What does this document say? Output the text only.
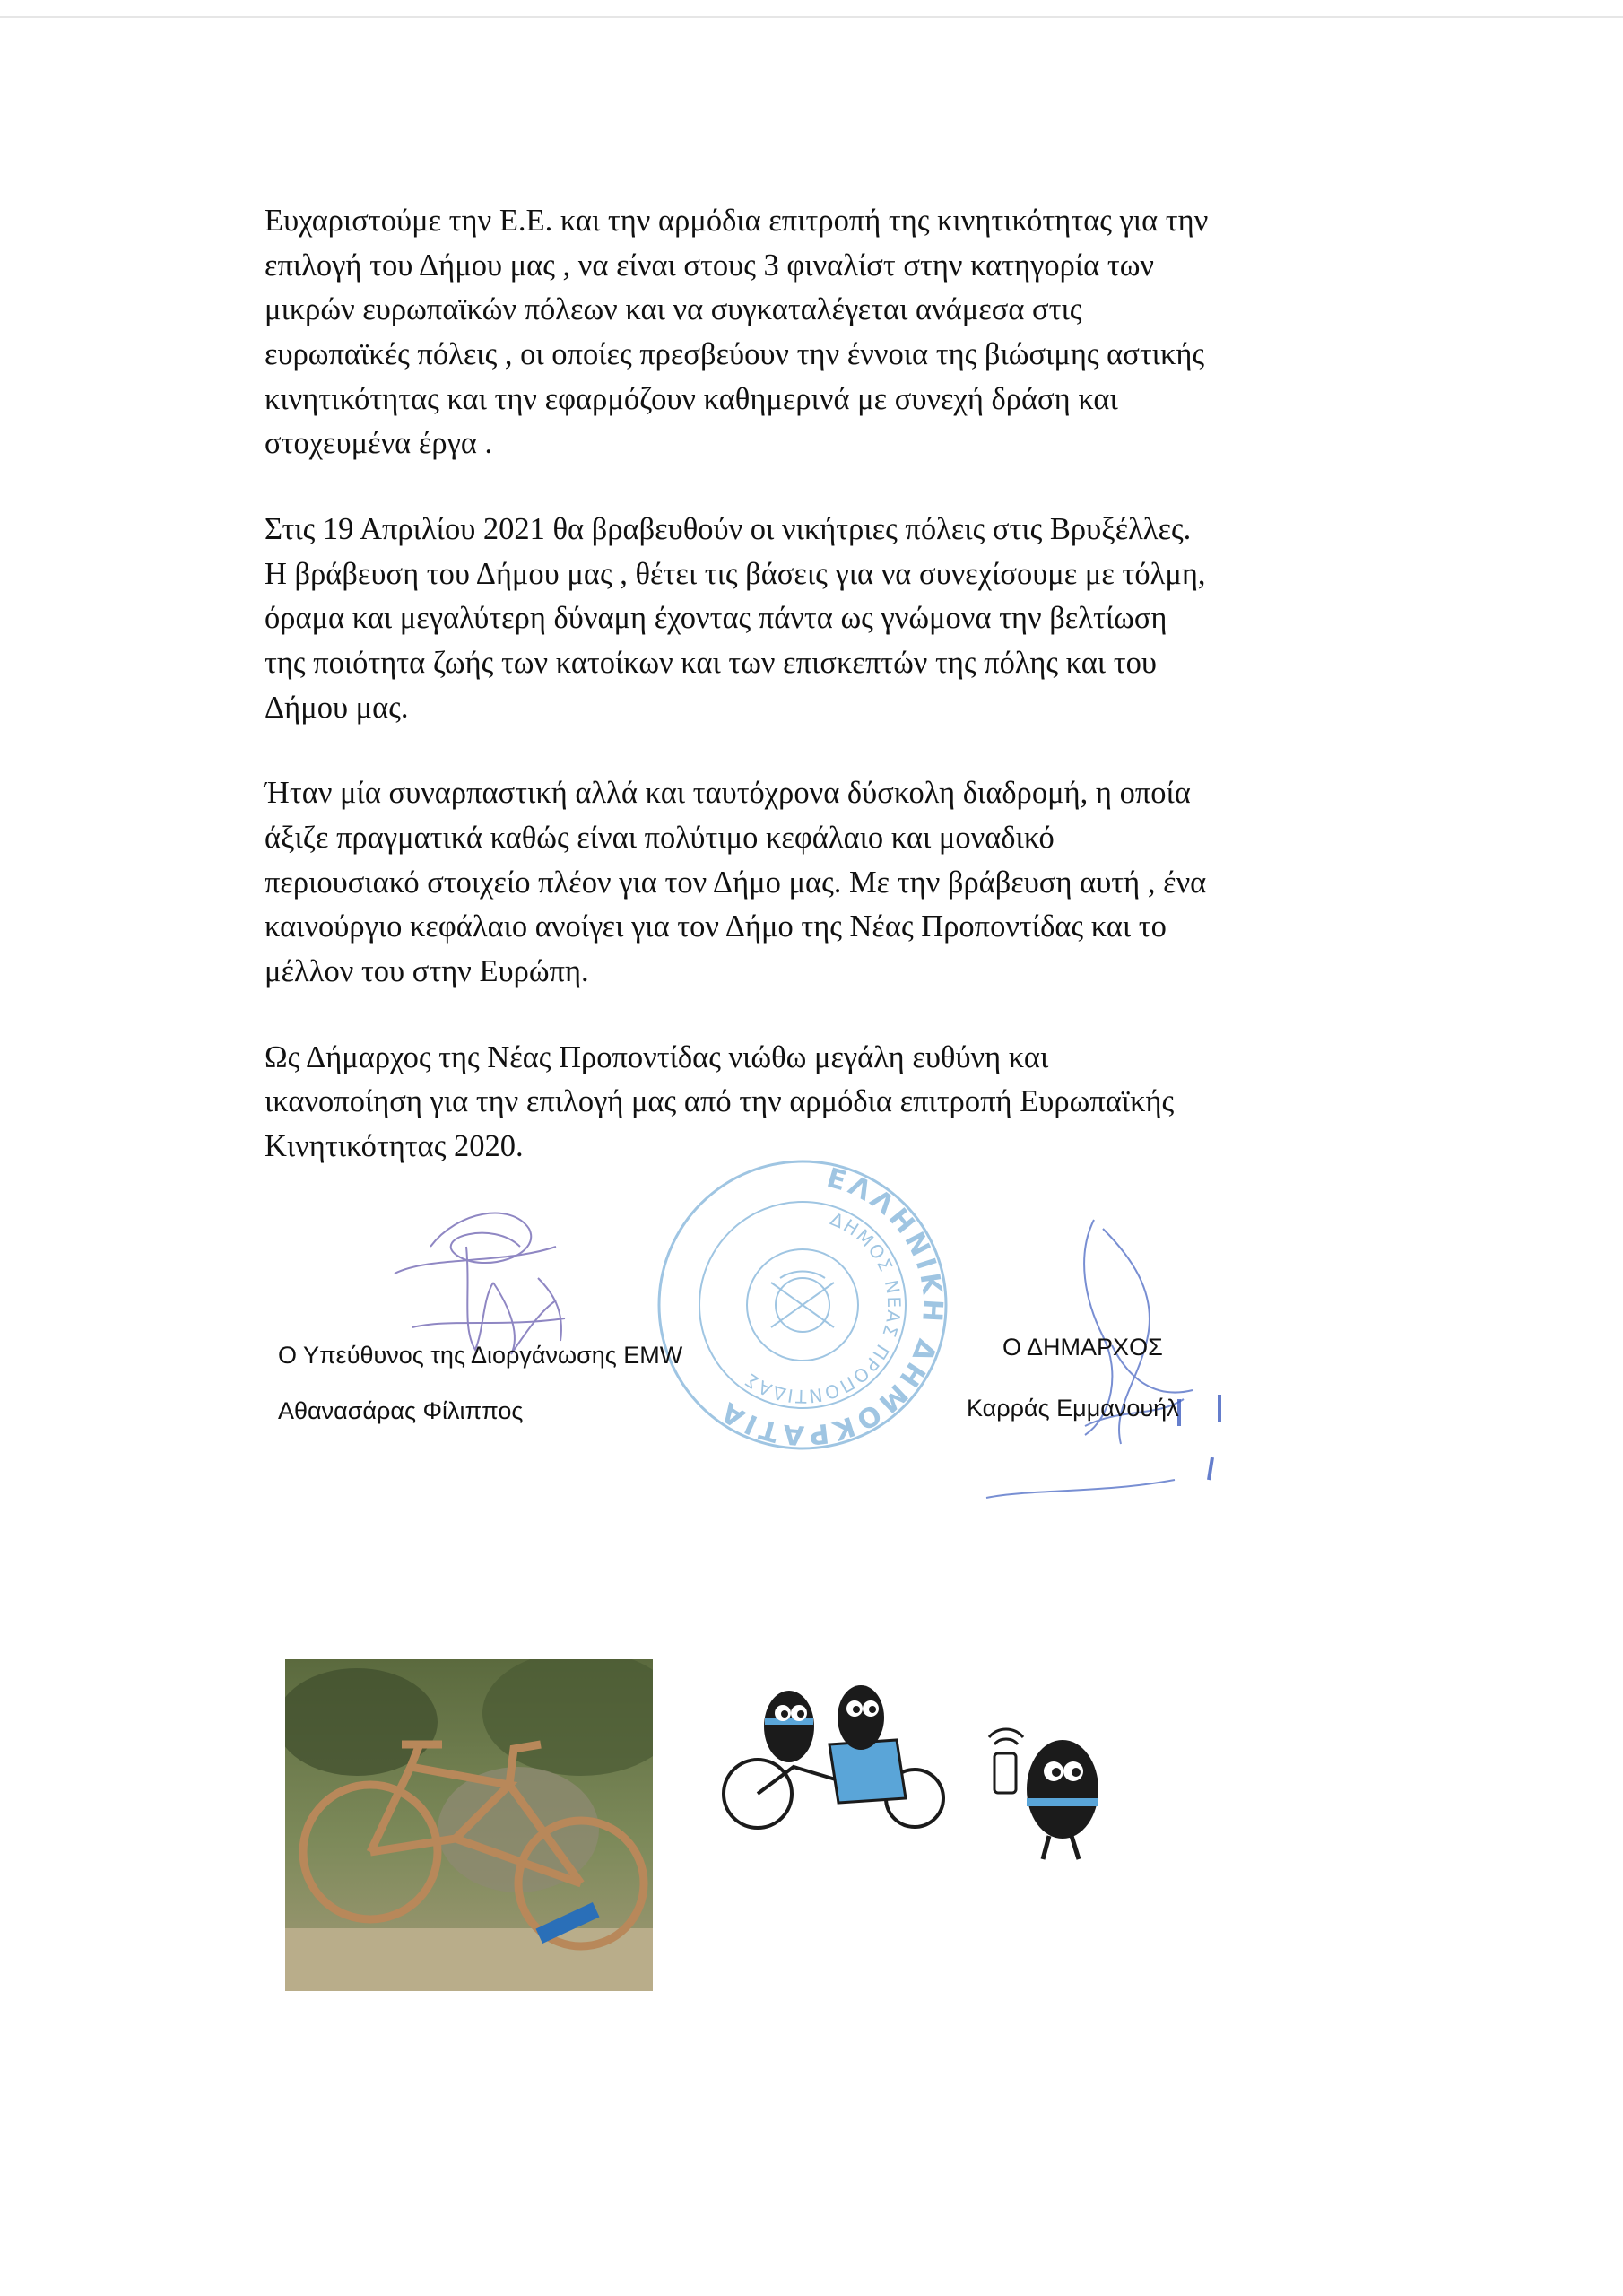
Ευχαριστούμε την Ε.Ε. και την αρμόδια επιτροπή της κινητικότητας για την
επιλογή του Δήμου μας , να είναι στους 3 φιναλίστ στην κατηγορία των
μικρών ευρωπαϊκών πόλεων και να συγκαταλέγεται ανάμεσα στις
ευρωπαϊκές πόλεις , οι οποίες πρεσβεύουν την έννοια της βιώσιμης αστικής
κινητικότητας και την εφαρμόζουν καθημερινά με συνεχή δράση και
στοχευμένα έργα .

Στις 19 Απριλίου 2021 θα βραβευθούν οι νικήτριες πόλεις στις Βρυξέλλες.
Η βράβευση του Δήμου μας , θέτει τις βάσεις για να συνεχίσουμε με τόλμη,
όραμα και μεγαλύτερη δύναμη έχοντας πάντα ως γνώμονα την βελτίωση
της ποιότητα ζωής των κατοίκων και των επισκεπτών της πόλης και του
Δήμου μας.

Ήταν μία συναρπαστική αλλά και ταυτόχρονα δύσκολη διαδρομή, η οποία
άξιζε πραγματικά καθώς είναι πολύτιμο κεφάλαιο και μοναδικό
περιουσιακό στοιχείο πλέον για τον Δήμο μας. Με την βράβευση αυτή , ένα
καινούργιο κεφάλαιο ανοίγει για τον Δήμο της Νέας Προποντίδας και το
μέλλον του στην Ευρώπη.

Ως Δήμαρχος της Νέας Προποντίδας νιώθω μεγάλη ευθύνη και
ικανοποίηση για την επιλογή μας από την αρμόδια επιτροπή Ευρωπαϊκής
Κινητικότητας 2020.

ΕΛΛΗΝΙΚΗ ΔΗΜΟΚΡΑΤΙΑ
ΔΗΜΟΣ ΝΕΑΣ ΠΡΟΠΟΝΤΙΔΑΣ
Ο Υπεύθυνος της Διοργάνωσης EMW
Αθανασάρας Φίλιππος
Ο ΔΗΜΑΡΧΟΣ
Καρράς Εμμανουήλ
